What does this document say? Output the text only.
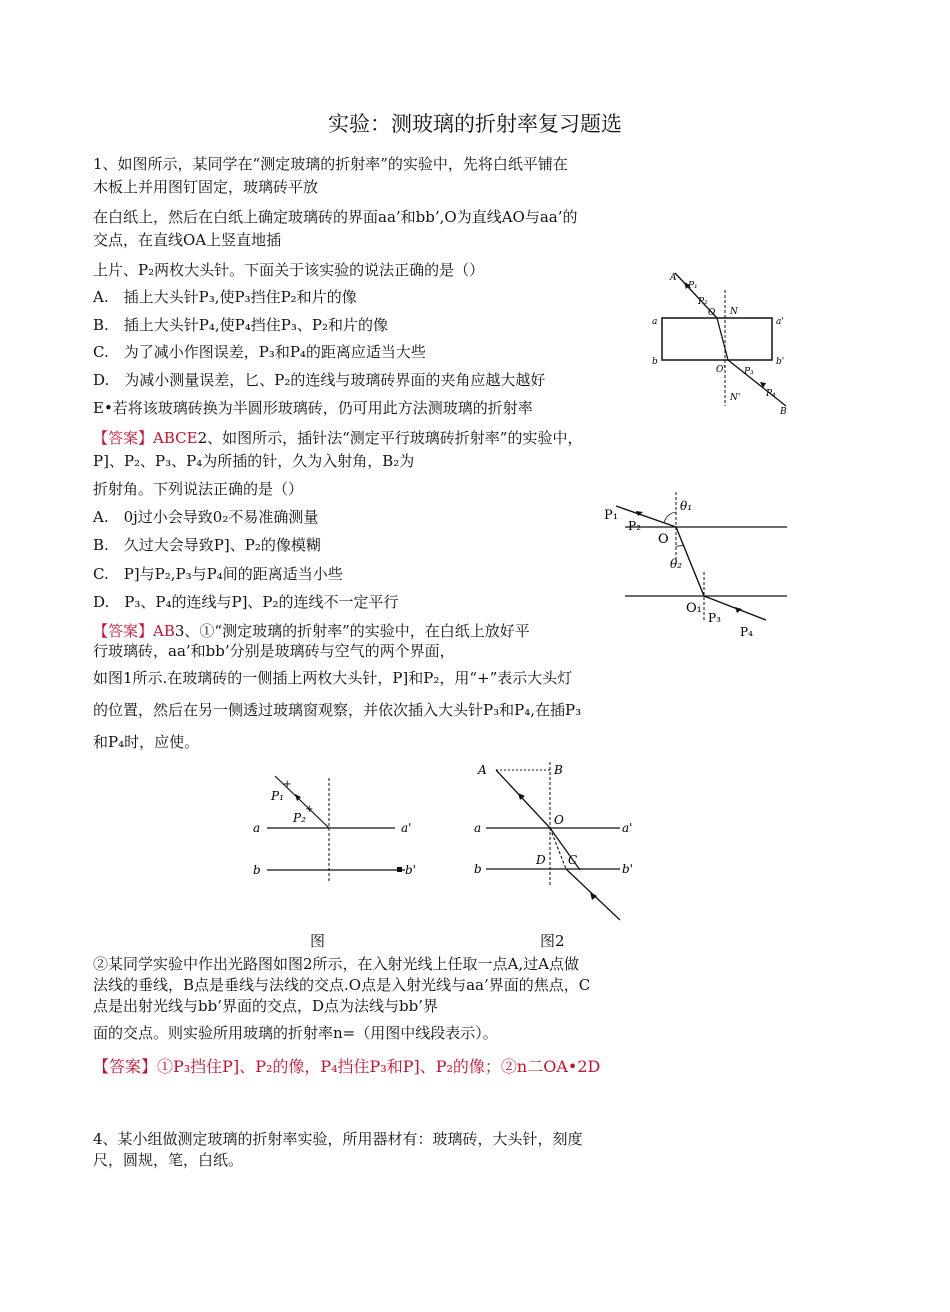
实验：测玻璃的折射率复习题选
1、如图所示，某同学在“测定玻璃的折射率”的实验中，先将白纸平铺在
木板上并用图钉固定，玻璃砖平放
在白纸上，然后在白纸上确定玻璃砖的界面aa’和bb’,O为直线AO与aa’的
交点，在直线OA上竖直地插
上片、P₂两枚大头针。下面关于该实验的说法正确的是（）
A.　插上大头针P₃,使P₃挡住P₂和片的像
B.　插上大头针P₄,使P₄挡住P₃、P₂和片的像
C.　为了减小作图误差，P₃和P₄的距离应适当大些
D.　为减小测量误差，匕、P₂的连线与玻璃砖界面的夹角应越大越好
E•若将该玻璃砖换为半圆形玻璃砖，仍可用此方法测玻璃的折射率
【答案】ABCE2、如图所示，插针法“测定平行玻璃砖折射率”的实验中，
P]、P₂、P₃、P₄为所插的针，久为入射角，B₂为
折射角。下列说法正确的是（）
A.　0j过小会导致0₂不易准确测量
B.　久过大会导致P]、P₂的像模糊
C.　P]与P₂,P₃与P₄间的距离适当小些
D.　P₃、P₄的连线与P]、P₂的连线不一定平行
【答案】AB3、①“测定玻璃的折射率”的实验中，在白纸上放好平
行玻璃砖，aa’和bb’分别是玻璃砖与空气的两个界面，
如图1所示.在玻璃砖的一侧插上两枚大头针，P]和P₂，用“+”表示大头灯
的位置，然后在另一侧透过玻璃窗观察，并依次插入大头针P₃和P₄,在插P₃
和P₄时，应使。
图	图2
②某同学实验中作出光路图如图2所示，在入射光线上任取一点A,过A点做
法线的垂线，B点是垂线与法线的交点.O点是入射光线与aa’界面的焦点，C
点是出射光线与bb’界面的交点，D点为法线与bb’界
面的交点。则实验所用玻璃的折射率n=（用图中线段表示）。
【答案】①P₃挡住P]、P₂的像，P₄挡住P₃和P]、P₂的像；②n二OA•2D
4、某小组做测定玻璃的折射率实验，所用器材有：玻璃砖，大头针，刻度
尺，圆规，笔，白纸。
A
P₁
P₂
O N
a	a'
b	b'
O' P₃
P₄
N'
B
P₁
P₂
θ₁
O
θ₂
O₁
P₃
P₄
+
+
P₁
P₂
a	a'
b	b'
A	B
a
O
a'
b
D C
b'
